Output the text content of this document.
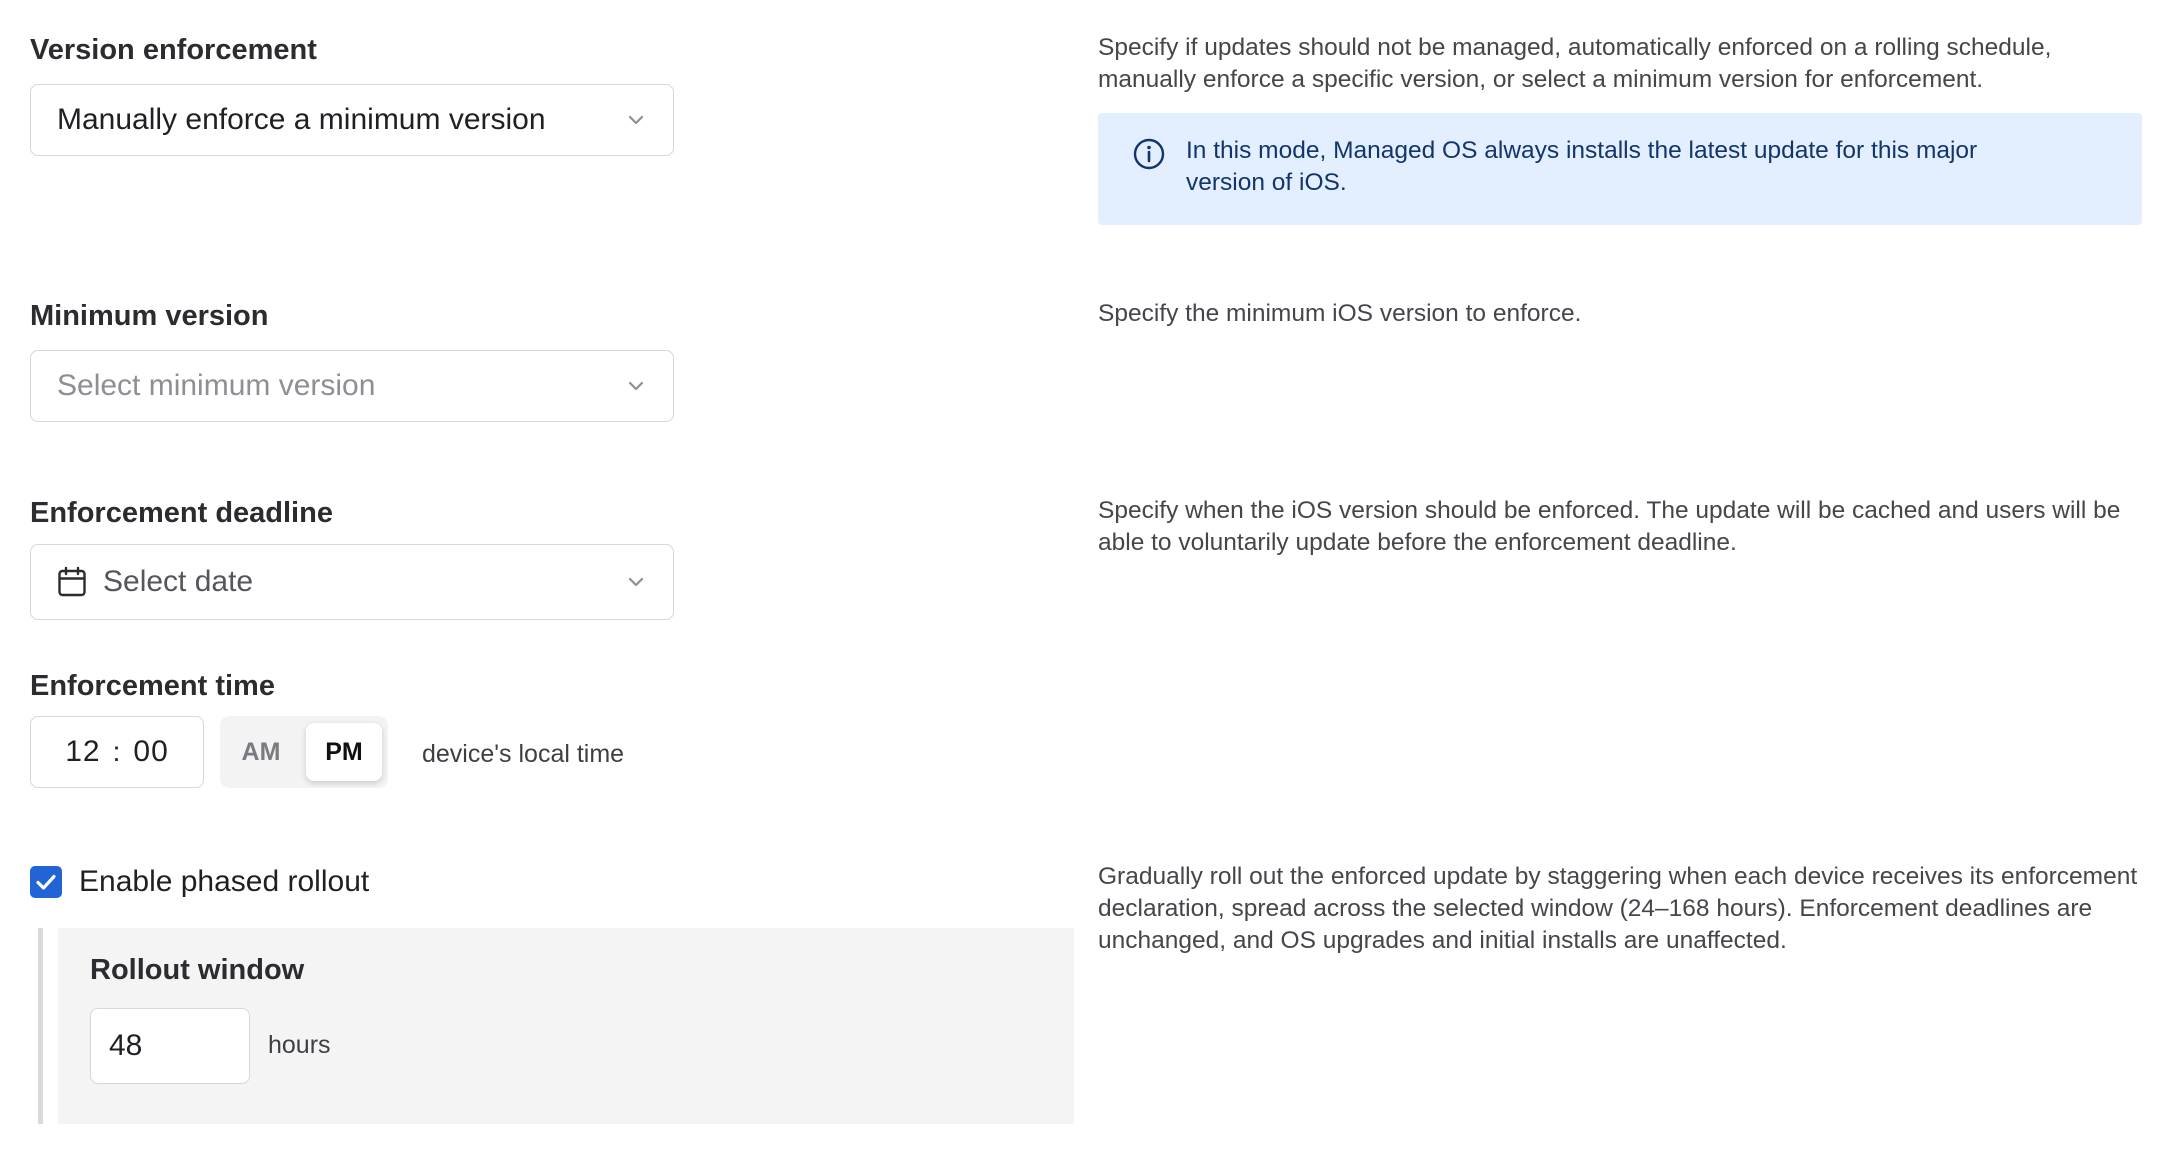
Version enforcement
Manually enforce a minimum version
Specify if updates should not be managed, automatically enforced on a rolling schedule, manually enforce a specific version, or select a minimum version for enforcement.
In this mode, Managed OS always installs the latest update for this major version of iOS.
Minimum version
Select minimum version
Specify the minimum iOS version to enforce.
Enforcement deadline
Select date
Specify when the iOS version should be enforced. The update will be cached and users will be able to voluntarily update before the enforcement deadline.
Enforcement time
12 : 00	AM	PM	device's local time
Enable phased rollout	Gradually roll out the enforced update by staggering when each device receives its enforcement declaration, spread across the selected window (24–168 hours). Enforcement deadlines are unchanged, and OS upgrades and initial installs are unaffected.
Rollout window
48	hours
